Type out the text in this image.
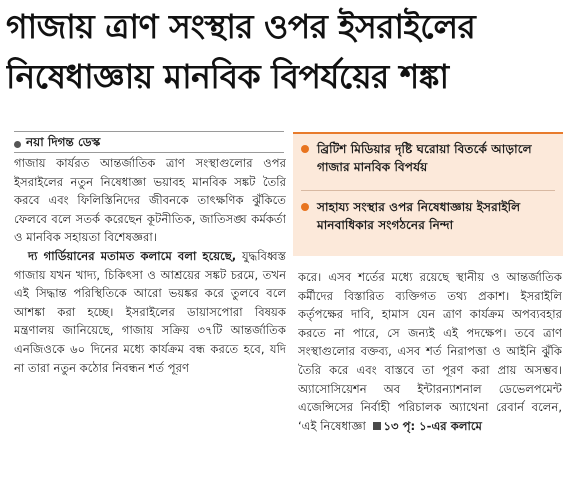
গাজায় ত্রাণ সংস্থার ওপর ইসরাইলের
নিষেধাজ্ঞায় মানবিক বিপর্যয়ের শঙ্কা
নয়া দিগন্ত ডেস্ক	ব্রিটিশ মিডিয়ার দৃষ্টি ঘরোয়া বিতর্কে আড়ালে গাজার মানবিক বিপর্যয়
সাহায্য সংস্থার ওপর নিষেধাজ্ঞায় ইসরাইলি মানবাধিকার সংগঠনের নিন্দা

গাজায় কার্যরত আন্তর্জাতিক ত্রাণ সংস্থাগুলোর ওপর ইসরাইলের নতুন নিষেধাজ্ঞা ভয়াবহ মানবিক সঙ্কট তৈরি করবে এবং ফিলিস্তিনিদের জীবনকে তাৎক্ষণিক ঝুঁকিতে ফেলবে বলে সতর্ক করেছেন কূটনীতিক, জাতিসঙ্ঘ কর্মকর্তা ও মানবিক সহায়তা বিশেষজ্ঞরা।

দ্য গার্ডিয়ানের মতামত কলামে বলা হয়েছে, যুদ্ধবিধ্বস্ত গাজায় যখন খাদ্য, চিকিৎসা ও আশ্রয়ের সঙ্কট চরমে, তখন এই সিদ্ধান্ত পরিস্থিতিকে আরো ভয়ঙ্কর করে তুলবে বলে আশঙ্কা করা হচ্ছে। ইসরাইলের ডায়াসপোরা বিষয়ক মন্ত্রণালয় জানিয়েছে, গাজায় সক্রিয় ৩৭টি আন্তর্জাতিক এনজিওকে ৬০ দিনের মধ্যে কার্যক্রম বন্ধ করতে হবে, যদি না তারা নতুন কঠোর নিবন্ধন শর্ত পূরণ

করে। এসব শর্তের মধ্যে রয়েছে স্থানীয় ও আন্তর্জাতিক কর্মীদের বিস্তারিত ব্যক্তিগত তথ্য প্রকাশ। ইসরাইলি কর্তৃপক্ষের দাবি, হামাস যেন ত্রাণ কার্যক্রম অপব্যবহার করতে না পারে, সে জন্যই এই পদক্ষেপ। তবে ত্রাণ সংস্থাগুলোর বক্তব্য, এসব শর্ত নিরাপত্তা ও আইনি ঝুঁকি তৈরি করে এবং বাস্তবে তা পূরণ করা প্রায় অসম্ভব। অ্যাসোসিয়েশন অব ইন্টারন্যাশনাল ডেভেলপমেন্ট এজেন্সিসের নির্বাহী পরিচালক অ্যাথেনা রেবার্ন বলেন, ‘এই নিষেধাজ্ঞা ১৩ পৃ: ১-এর কলামে
